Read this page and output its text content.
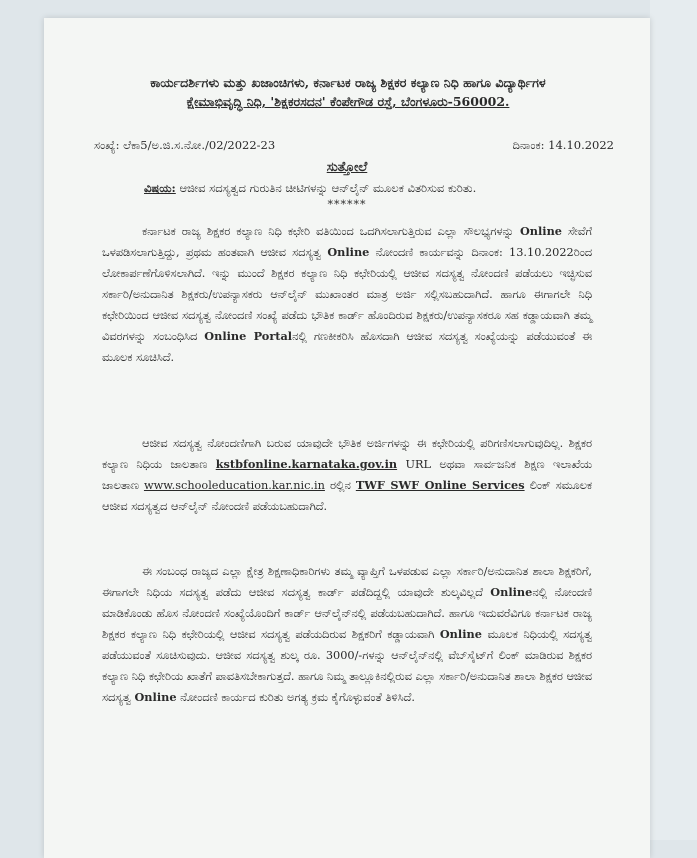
ಕಾರ್ಯದರ್ಶಿಗಳು ಮತ್ತು ಖಜಾಂಚಿಗಳು, ಕರ್ನಾಟಕ ರಾಜ್ಯ ಶಿಕ್ಷಕರ ಕಲ್ಯಾಣ ನಿಧಿ ಹಾಗೂ ವಿದ್ಯಾರ್ಥಿಗಳ
ಕ್ಷೇಮಾಭಿವೃದ್ಧಿ ನಿಧಿ, 'ಶಿಕ್ಷಕರಸದನ' ಕೆಂಪೇಗೌಡ ರಸ್ತೆ, ಬೆಂಗಳೂರು-560002.
ಸಂಖ್ಯೆ: ಲೆಕಾ5/ಅ.ಜಿ.ಸ.ನೋ./02/2022-23	ದಿನಾಂಕ: 14.10.2022
ಸುತ್ತೋಲೆ
ವಿಷಯ: ಆಜೀವ ಸದಸ್ಯತ್ವದ ಗುರುತಿನ ಚೀಟಿಗಳನ್ನು ಆನ್‌ಲೈನ್ ಮೂಲಕ ವಿತರಿಸುವ ಕುರಿತು.
******
ಕರ್ನಾಟಕ ರಾಜ್ಯ ಶಿಕ್ಷಕರ ಕಲ್ಯಾಣ ನಿಧಿ ಕಛೇರಿ ವತಿಯಿಂದ ಒದಗಿಸಲಾಗುತ್ತಿರುವ ಎಲ್ಲಾ ಸೌಲಭ್ಯಗಳನ್ನು Online ಸೇವೆಗೆ ಒಳಪಡಿಸಲಾಗುತ್ತಿದ್ದು, ಪ್ರಥಮ ಹಂತವಾಗಿ ಆಜೀವ ಸದಸ್ಯತ್ವ Online ನೋಂದಣಿ ಕಾರ್ಯವನ್ನು ದಿನಾಂಕ: 13.10.2022ರಿಂದ ಲೋಕಾರ್ಪಣೆಗೊಳಿಸಲಾಗಿದೆ. ಇನ್ನು ಮುಂದೆ ಶಿಕ್ಷಕರ ಕಲ್ಯಾಣ ನಿಧಿ ಕಛೇರಿಯಲ್ಲಿ ಆಜೀವ ಸದಸ್ಯತ್ವ ನೋಂದಣಿ ಪಡೆಯಲು ಇಚ್ಛಿಸುವ ಸರ್ಕಾರಿ/ಅನುದಾನಿತ ಶಿಕ್ಷಕರು/ಉಪನ್ಯಾಸಕರು ಆನ್‌ಲೈನ್ ಮುಖಾಂತರ ಮಾತ್ರ ಅರ್ಜಿ ಸಲ್ಲಿಸಬಹುದಾಗಿದೆ. ಹಾಗೂ ಈಗಾಗಲೇ ನಿಧಿ ಕಛೇರಿಯಿಂದ ಆಜೀವ ಸದಸ್ಯತ್ವ ನೋಂದಣಿ ಸಂಖ್ಯೆ ಪಡೆದು ಭೌತಿಕ ಕಾರ್ಡ್ ಹೊಂದಿರುವ ಶಿಕ್ಷಕರು/ಉಪನ್ಯಾಸಕರೂ ಸಹ ಕಡ್ಡಾಯವಾಗಿ ತಮ್ಮ ವಿವರಗಳನ್ನು ಸಂಬಂಧಿಸಿದ Online Portalನಲ್ಲಿ ಗಣಕೀಕರಿಸಿ ಹೊಸದಾಗಿ ಆಜೀವ ಸದಸ್ಯತ್ವ ಸಂಖ್ಯೆಯನ್ನು ಪಡೆಯುವಂತೆ ಈ ಮೂಲಕ ಸೂಚಿಸಿದೆ.
ಆಜೀವ ಸದಸ್ಯತ್ವ ನೋಂದಣಿಗಾಗಿ ಬರುವ ಯಾವುದೇ ಭೌತಿಕ ಅರ್ಜಿಗಳನ್ನು ಈ ಕಛೇರಿಯಲ್ಲಿ ಪರಿಗಣಿಸಲಾಗುವುದಿಲ್ಲ. ಶಿಕ್ಷಕರ ಕಲ್ಯಾಣ ನಿಧಿಯ ಜಾಲತಾಣ kstbfonline.karnataka.gov.in URL ಅಥವಾ ಸಾರ್ವಜನಿಕ ಶಿಕ್ಷಣ ಇಲಾಖೆಯ ಜಾಲತಾಣ www.schooleducation.kar.nic.in ರಲ್ಲಿನ TWF SWF Online Services ಲಿಂಕ್ ಸಮೂಲಕ ಆಜೀವ ಸದಸ್ಯತ್ವದ ಆನ್‌ಲೈನ್ ನೋಂದಣಿ ಪಡೆಯಬಹುದಾಗಿದೆ.
ಈ ಸಂಬಂಧ ರಾಜ್ಯದ ಎಲ್ಲಾ ಕ್ಷೇತ್ರ ಶಿಕ್ಷಣಾಧಿಕಾರಿಗಳು ತಮ್ಮ ವ್ಯಾಪ್ತಿಗೆ ಒಳಪಡುವ ಎಲ್ಲಾ ಸರ್ಕಾರಿ/ಅನುದಾನಿತ ಶಾಲಾ ಶಿಕ್ಷಕರಿಗೆ, ಈಗಾಗಲೇ ನಿಧಿಯ ಸದಸ್ಯತ್ವ ಪಡೆದು ಆಜೀವ ಸದಸ್ಯತ್ವ ಕಾರ್ಡ್ ಪಡೆದಿದ್ದಲ್ಲಿ ಯಾವುದೇ ಶುಲ್ಕವಿಲ್ಲದೆ Onlineನಲ್ಲಿ ನೋಂದಣಿ ಮಾಡಿಕೊಂಡು ಹೊಸ ನೋಂದಣಿ ಸಂಖ್ಯೆಯೊಂದಿಗೆ ಕಾರ್ಡ್ ಆನ್‌ಲೈನ್‌ನಲ್ಲಿ ಪಡೆಯಬಹುದಾಗಿದೆ. ಹಾಗೂ ಇದುವರೆವಿಗೂ ಕರ್ನಾಟಕ ರಾಜ್ಯ ಶಿಕ್ಷಕರ ಕಲ್ಯಾಣ ನಿಧಿ ಕಛೇರಿಯಲ್ಲಿ ಆಜೀವ ಸದಸ್ಯತ್ವ ಪಡೆಯದಿರುವ ಶಿಕ್ಷಕರಿಗೆ ಕಡ್ಡಾಯವಾಗಿ Online ಮೂಲಕ ನಿಧಿಯಲ್ಲಿ ಸದಸ್ಯತ್ವ ಪಡೆಯುವಂತೆ ಸೂಚಿಸುವುದು. ಆಜೀವ ಸದಸ್ಯತ್ವ ಶುಲ್ಕ ರೂ. 3000/-ಗಳನ್ನು ಆನ್‌ಲೈನ್‌ನಲ್ಲಿ ವೆಬ್‌ಸೈಟ್‌ಗೆ ಲಿಂಕ್ ಮಾಡಿರುವ ಶಿಕ್ಷಕರ ಕಲ್ಯಾಣ ನಿಧಿ ಕಛೇರಿಯ ಖಾತೆಗೆ ಪಾವತಿಸಬೇಕಾಗುತ್ತದೆ. ಹಾಗೂ ನಿಮ್ಮ ತಾಲ್ಲೂಕಿನಲ್ಲಿರುವ ಎಲ್ಲಾ ಸರ್ಕಾರಿ/ಅನುದಾನಿತ ಶಾಲಾ ಶಿಕ್ಷಕರ ಆಜೀವ ಸದಸ್ಯತ್ವ Online ನೋಂದಣಿ ಕಾರ್ಯದ ಕುರಿತು ಅಗತ್ಯ ಕ್ರಮ ಕೈಗೊಳ್ಳುವಂತೆ ತಿಳಿಸಿದೆ.
